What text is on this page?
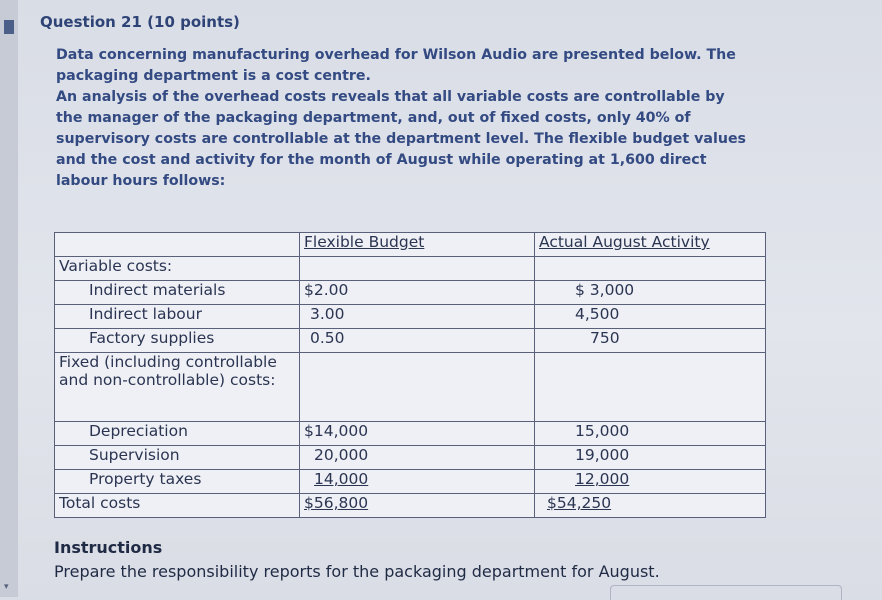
▾
Question 21 (10 points)

Data concerning manufacturing overhead for Wilson Audio are presented below. The packaging department is a cost centre.

An analysis of the overhead costs reveals that all variable costs are controllable by the manager of the packaging department, and, out of fixed costs, only 40% of supervisory costs are controllable at the department level. The flexible budget values and the cost and activity for the month of August while operating at 1,600 direct labour hours follows:

	Flexible Budget	Actual August Activity
Variable costs:		
Indirect materials	$2.00	$ 3,000
Indirect labour	3.00	4,500
Factory supplies	0.50	750
Fixed (including controllable and non-controllable) costs:		
Depreciation	$14,000	15,000
Supervision	20,000	19,000
Property taxes	14,000	12,000
Total costs	$56,800	$54,250
Instructions
Prepare the responsibility reports for the packaging department for August.
